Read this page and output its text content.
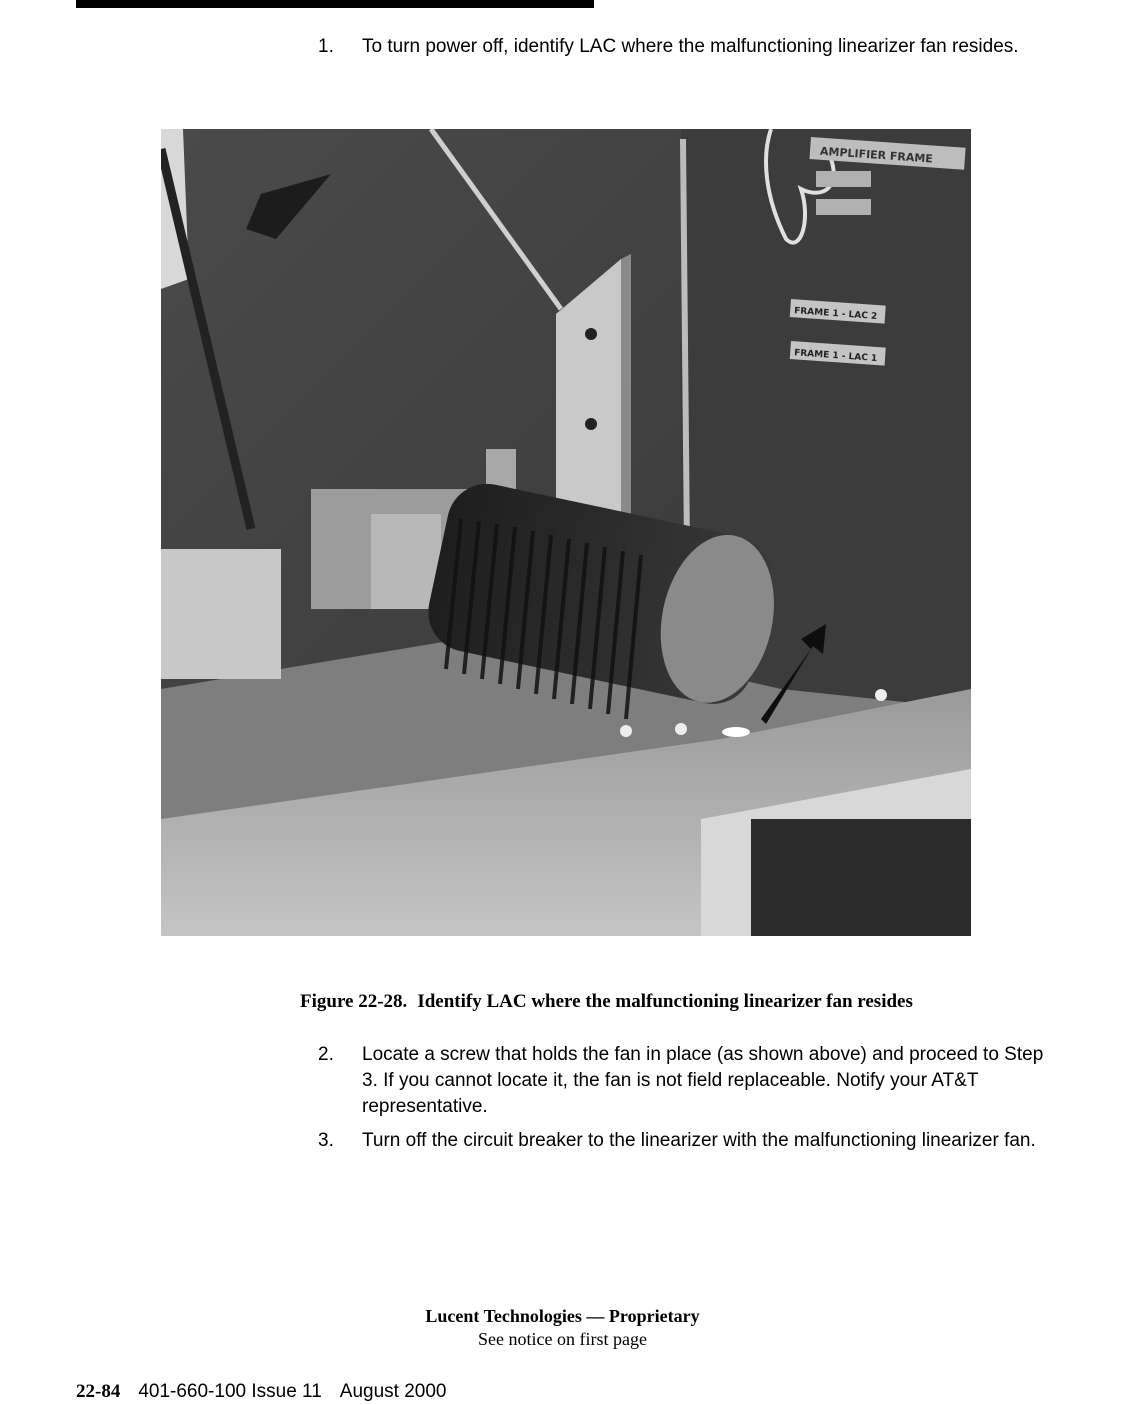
1.	To turn power off, identify LAC where the malfunctioning linearizer fan resides.
AMPLIFIER FRAME
FRAME 1 - LAC 2
FRAME 1 - LAC 1
Figure 22-28. Identify LAC where the malfunctioning linearizer fan resides
2.	Locate a screw that holds the fan in place (as shown above) and proceed to Step 3. If you cannot locate it, the fan is not field replaceable. Notify your AT&T representative.
3.	Turn off the circuit breaker to the linearizer with the malfunctioning linearizer fan.
Lucent Technologies — Proprietary
See notice on first page
22-84 401-660-100 Issue 11 August 2000
